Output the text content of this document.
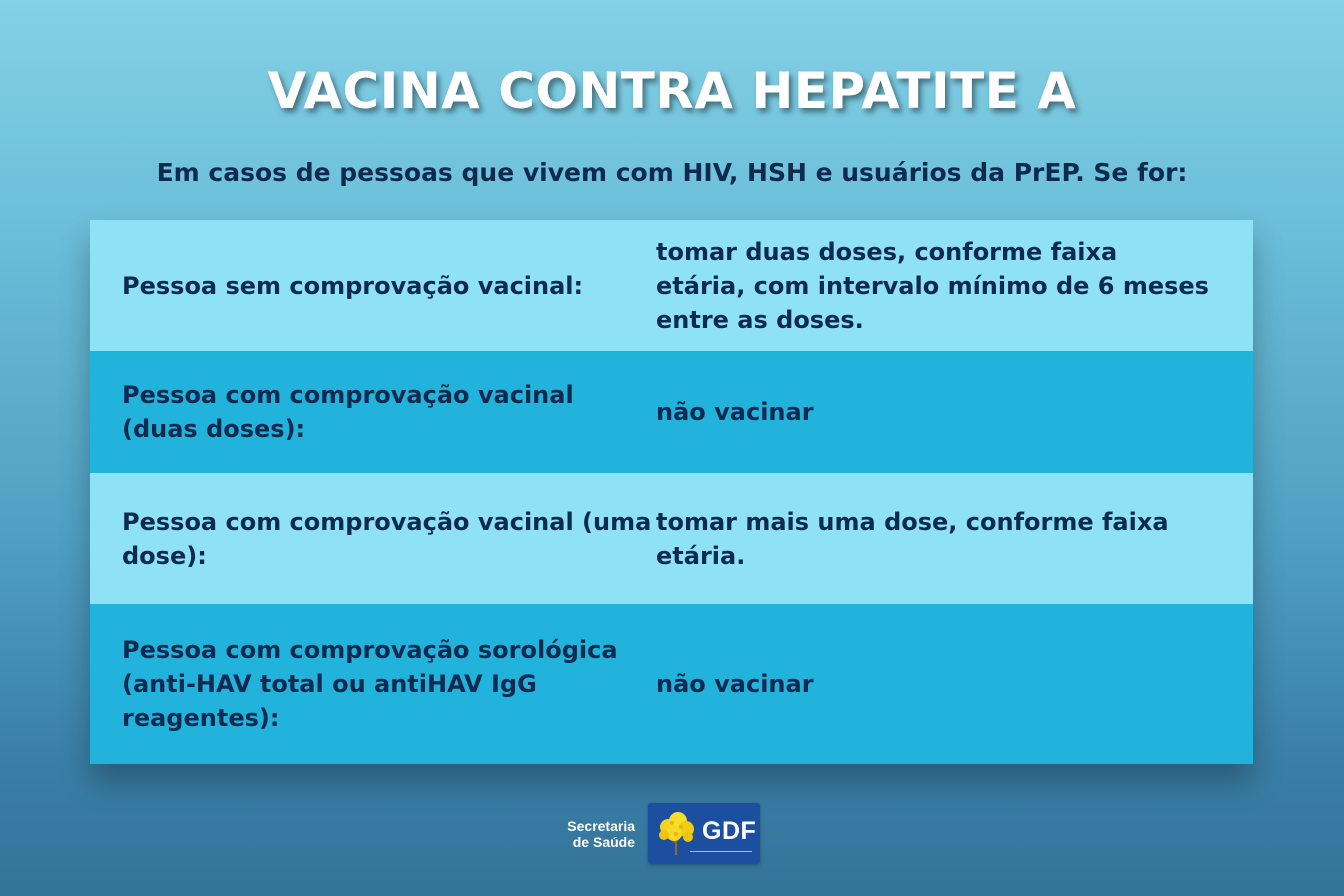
VACINA CONTRA HEPATITE A

Em casos de pessoas que vivem com HIV, HSH e usuários da PrEP. Se for:

Pessoa sem comprovação vacinal:
tomar duas doses, conforme faixa etária, com intervalo mínimo de 6 meses entre as doses.
Pessoa com comprovação vacinal (duas doses):
não vacinar
Pessoa com comprovação vacinal (uma dose):
tomar mais uma dose, conforme faixa etária.
Pessoa com comprovação sorológica (anti-HAV total ou antiHAV IgG reagentes):
não vacinar
Secretaria de Saúde	GDF
